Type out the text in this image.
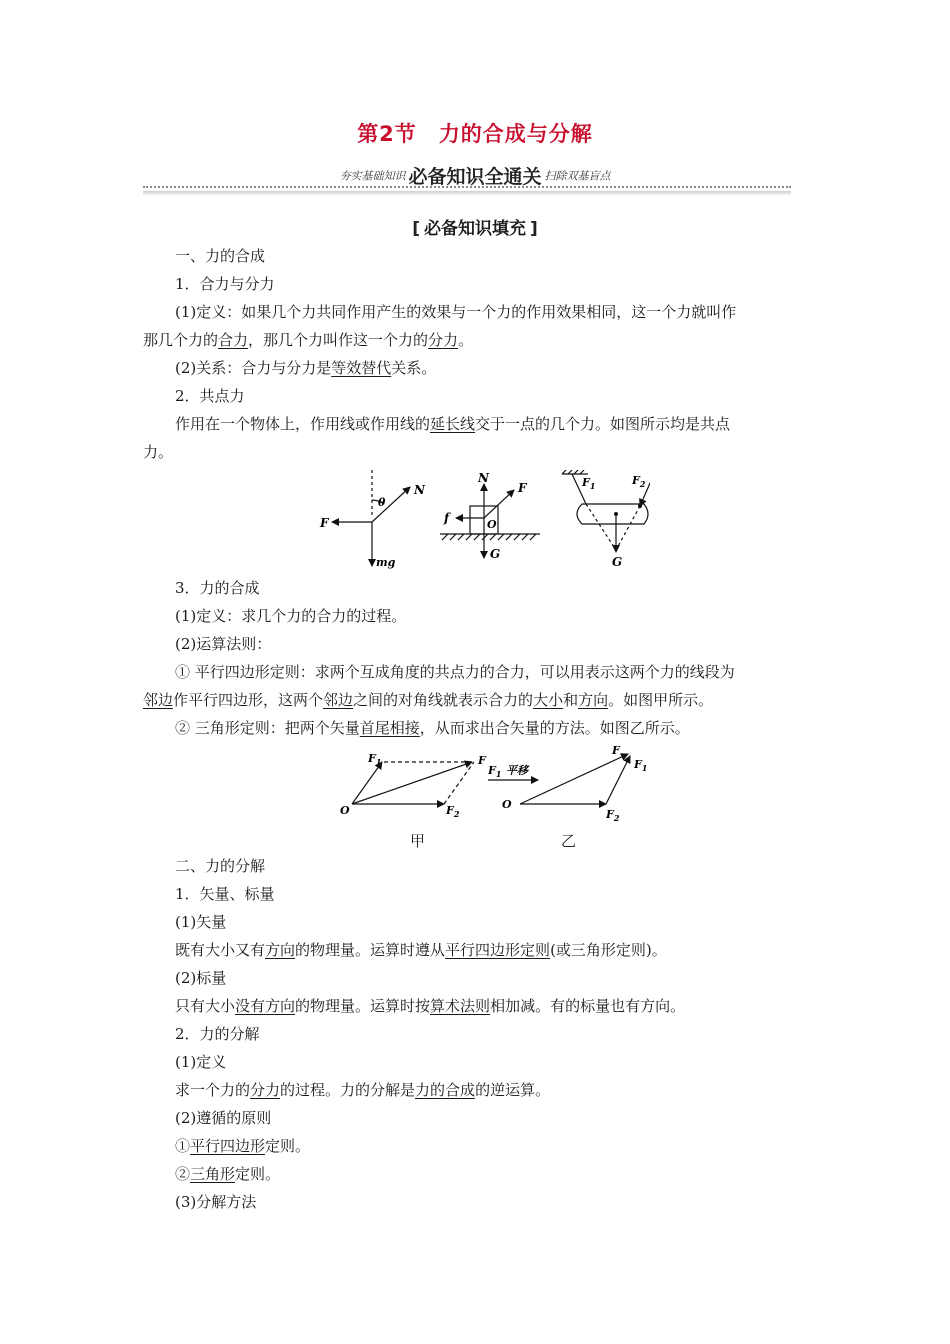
第2节 力的合成与分解
夯实基础知识 必备知识全通关 扫除双基盲点
[ 必备知识填充 ]
一、力的合成
1．合力与分力
(1)定义：如果几个力共同作用产生的效果与一个力的作用效果相同，这一个力就叫作
那几个力的合力，那几个力叫作这一个力的分力。
(2)关系：合力与分力是等效替代关系。
2．共点力
作用在一个物体上，作用线或作用线的延长线交于一点的几个力。如图所示均是共点
力。
N
θ
F
mg
N
F
f	O
G
$F_1$	$F_2$
G
3．力的合成
(1)定义：求几个力的合力的过程。
(2)运算法则：
① 平行四边形定则：求两个互成角度的共点力的合力，可以用表示这两个力的线段为
邻边作平行四边形，这两个邻边之间的对角线就表示合力的大小和方向。如图甲所示。
② 三角形定则：把两个矢量首尾相接，从而求出合矢量的方法。如图乙所示。
$F_1$	F
O	$F_2$
$F_1$ 平移
O
F
$F_1$
$F_2$
甲	乙
二、力的分解
1．矢量、标量
(1)矢量
既有大小又有方向的物理量。运算时遵从平行四边形定则(或三角形定则)。
(2)标量
只有大小没有方向的物理量。运算时按算术法则相加减。有的标量也有方向。
2．力的分解
(1)定义
求一个力的分力的过程。力的分解是力的合成的逆运算。
(2)遵循的原则
①平行四边形定则。
②三角形定则。
(3)分解方法
